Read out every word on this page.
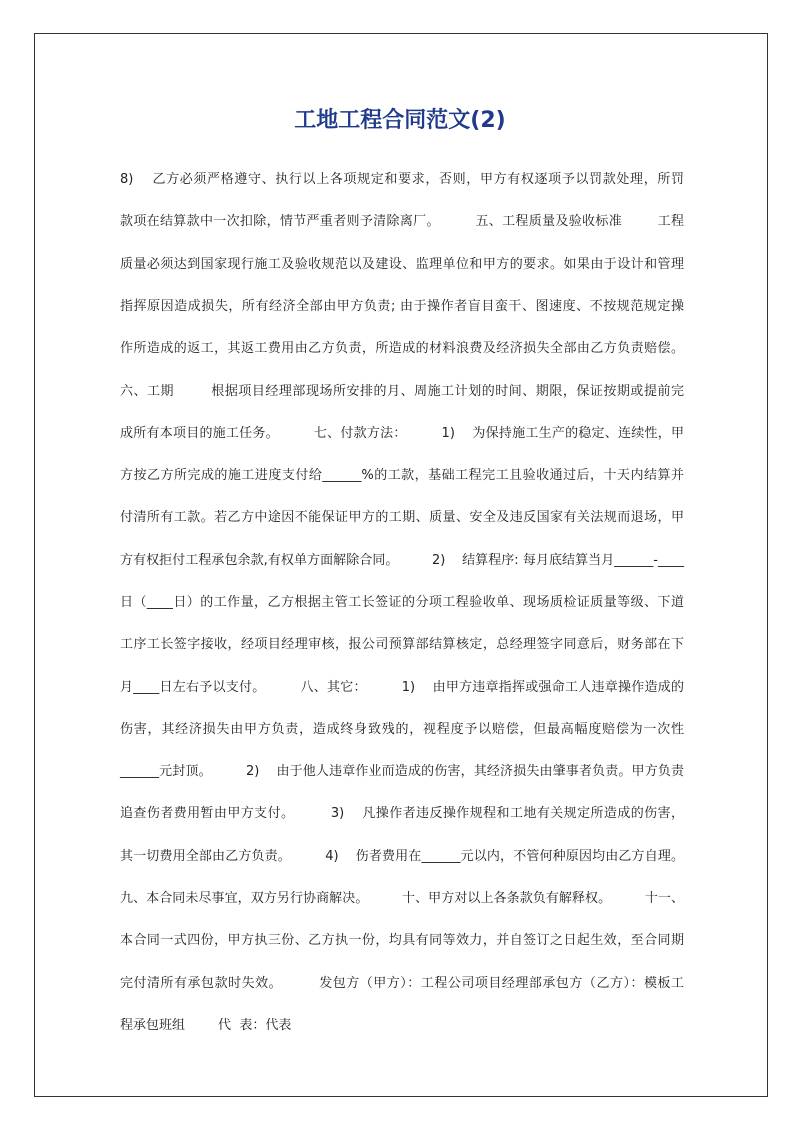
工地工程合同范文(2)
8)    乙方必须严格遵守、执行以上各项规定和要求，否则，甲方有权逐项予以罚款处理，所罚
款项在结算款中一次扣除，情节严重者则予清除离厂。        五、工程质量及验收标准        工程
质量必须达到国家现行施工及验收规范以及建设、监理单位和甲方的要求。如果由于设计和管理
指挥原因造成损失，所有经济全部由甲方负责; 由于操作者盲目蛮干、图速度、不按规范规定操
作所造成的返工，其返工费用由乙方负责，所造成的材料浪费及经济损失全部由乙方负责赔偿。
六、工期        根据项目经理部现场所安排的月、周施工计划的时间、期限，保证按期或提前完
成所有本项目的施工任务。        七、付款方法：        1)    为保持施工生产的稳定、连续性，甲
方按乙方所完成的施工进度支付给______%的工款，基础工程完工且验收通过后，十天内结算并
付清所有工款。若乙方中途因不能保证甲方的工期、质量、安全及违反国家有关法规而退场，甲
方有权拒付工程承包余款,有权单方面解除合同。        2)    结算程序: 每月底结算当月______-____
日（____日）的工作量，乙方根据主管工长签证的分项工程验收单、现场质检证质量等级、下道
工序工长签字接收，经项目经理审核，报公司预算部结算核定，总经理签字同意后，财务部在下
月____日左右予以支付。        八、其它：        1)    由甲方违章指挥或强命工人违章操作造成的
伤害，其经济损失由甲方负责，造成终身致残的，视程度予以赔偿，但最高幅度赔偿为一次性
______元封顶。        2)    由于他人违章作业而造成的伤害，其经济损失由肇事者负责。甲方负责
追查伤者费用暂由甲方支付。        3)    凡操作者违反操作规程和工地有关规定所造成的伤害，
其一切费用全部由乙方负责。        4)    伤者费用在______元以内，不管何种原因均由乙方自理。
九、本合同未尽事宜，双方另行协商解决。        十、甲方对以上各条款负有解释权。        十一、
本合同一式四份，甲方执三份、乙方执一份，均具有同等效力，并自签订之日起生效，至合同期
完付清所有承包款时失效。        发包方（甲方）：工程公司项目经理部承包方（乙方）：模板工
程承包班组        代  表：代表
